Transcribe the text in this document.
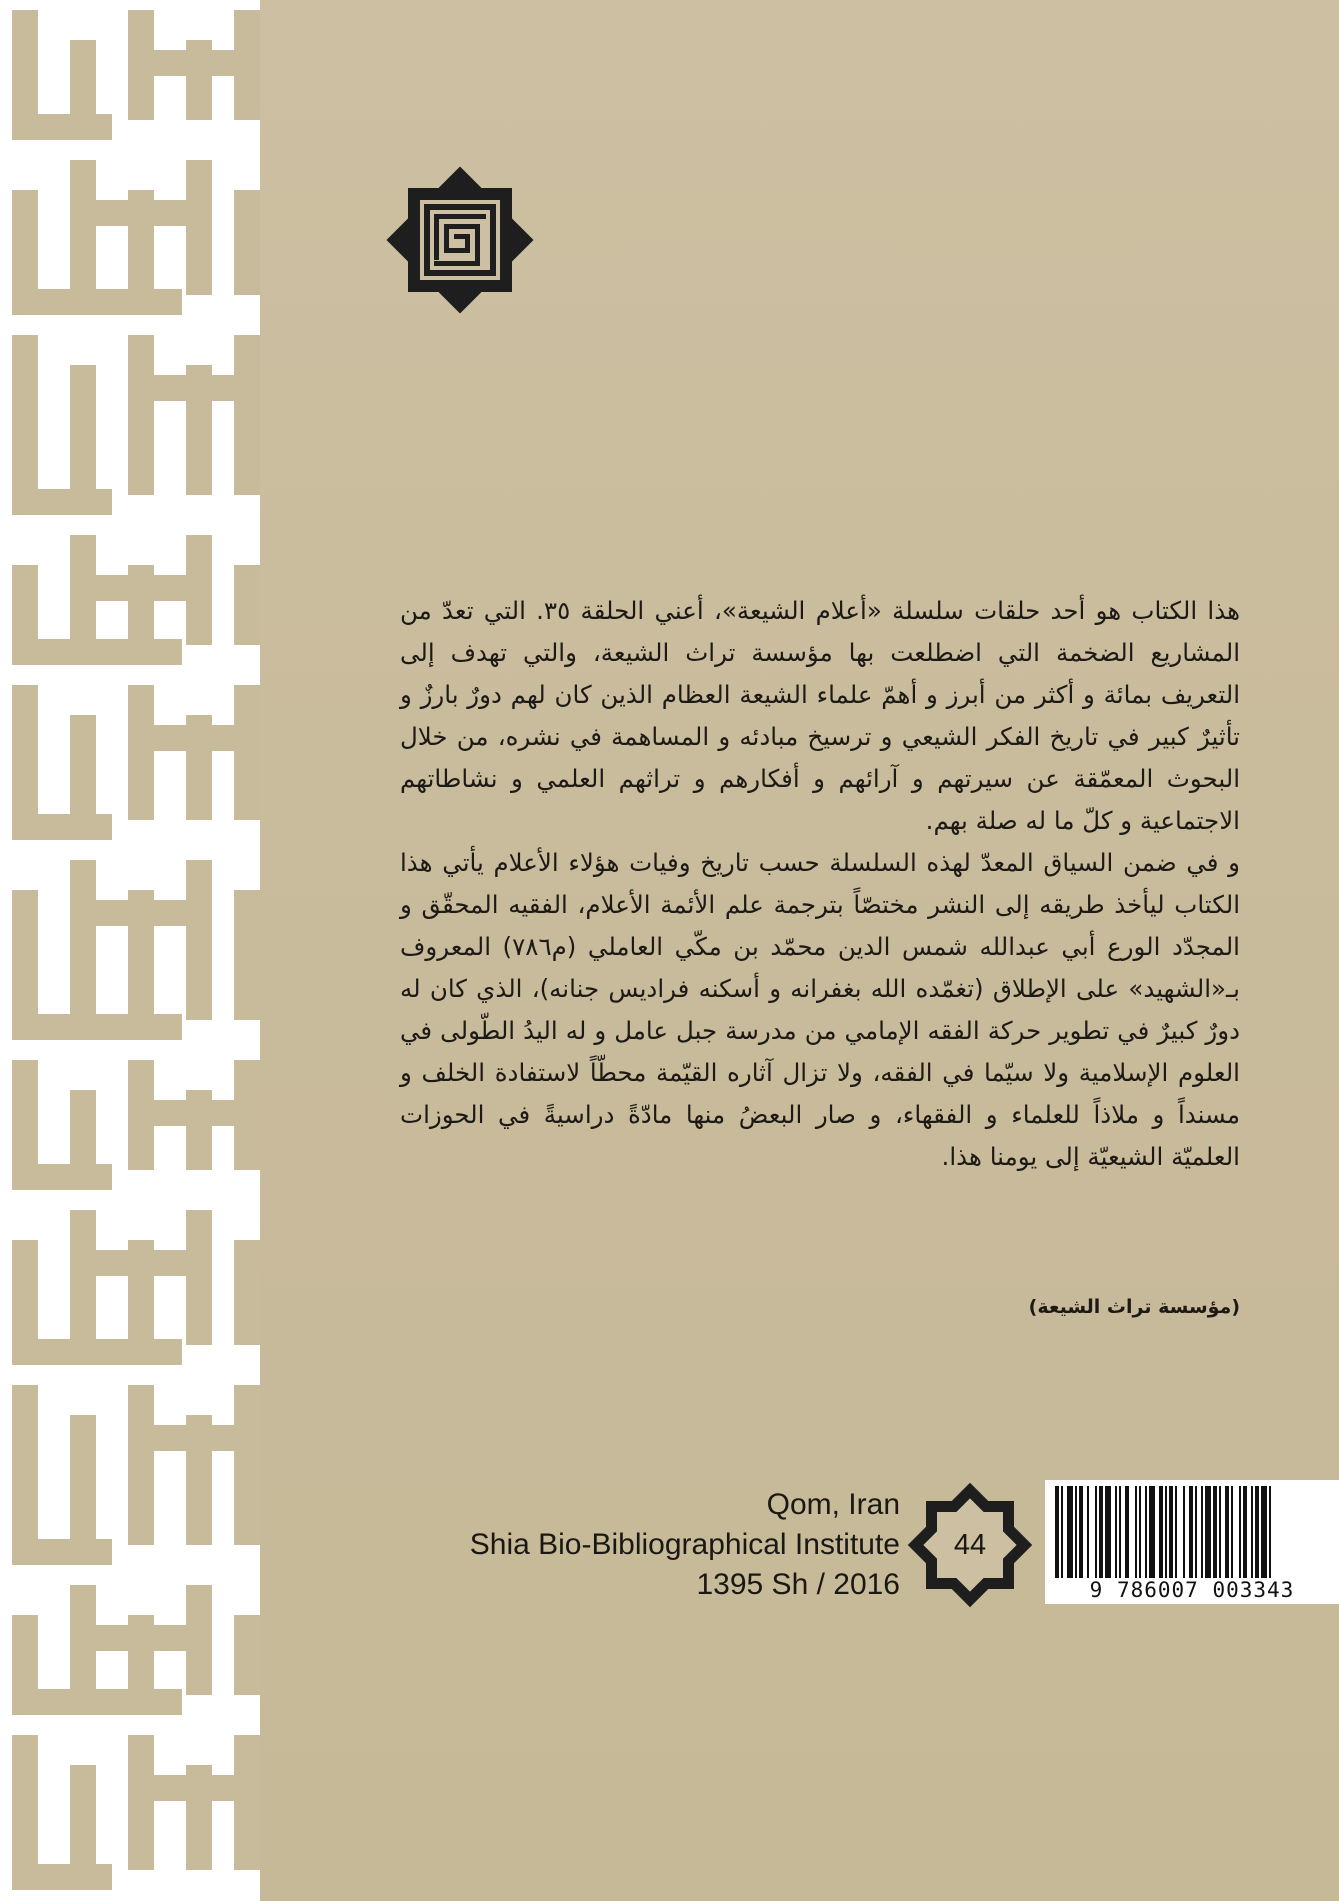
هذا الكتاب هو أحد حلقات سلسلة «أعلام الشيعة»، أعني الحلقة ٣٥. التي تعدّ من المشاريع الضخمة التي اضطلعت بها مؤسسة تراث الشيعة، والتي تهدف إلى التعريف بمائة و أكثر من أبرز و أهمّ علماء الشيعة العظام الذين كان لهم دورٌ بارزٌ و تأثيرٌ كبير في تاريخ الفكر الشيعي و ترسيخ مبادئه و المساهمة في نشره، من خلال البحوث المعمّقة عن سيرتهم و آرائهم و أفكارهم و تراثهم العلمي و نشاطاتهم الاجتماعية و كلّ ما له صلة بهم.

و في ضمن السياق المعدّ لهذه السلسلة حسب تاريخ وفيات هؤلاء الأعلام يأتي هذا الكتاب ليأخذ طريقه إلى النشر مختصّاً بترجمة علم الأئمة الأعلام، الفقيه المحقّق و المجدّد الورع أبي عبدالله شمس الدين محمّد بن مكّي العاملي (م٧٨٦) المعروف بـ«الشهيد» على الإطلاق (تغمّده الله بغفرانه و أسكنه فراديس جنانه)، الذي كان له دورٌ كبيرٌ في تطوير حركة الفقه الإمامي من مدرسة جبل عامل و له اليدُ الطّولى في العلوم الإسلامية ولا سيّما في الفقه، ولا تزال آثاره القيّمة محطّاً لاستفادة الخلف و مسنداً و ملاذاً للعلماء و الفقهاء، و صار البعضُ منها مادّةً دراسيةً في الحوزات العلميّة الشيعيّة إلى يومنا هذا.

(مؤسسة تراث الشيعة)
Qom, Iran
Shia Bio-Bibliographical Institute
1395 Sh / 2016
44
9 786007 003343
